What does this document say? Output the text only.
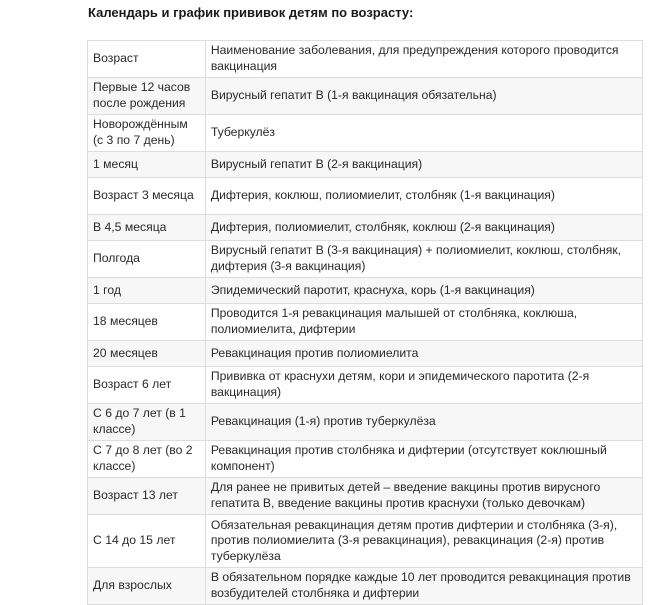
Календарь и график прививок детям по возрасту:
Возраст	Наименование заболевания, для предупреждения которого проводится вакцинация
Первые 12 часов после рождения	Вирусный гепатит В (1-я вакцинация обязательна)
Новорождённым (с 3 по 7 день)	Туберкулёз
1 месяц	Вирусный гепатит В (2-я вакцинация)
Возраст 3 месяца	Дифтерия, коклюш, полиомиелит, столбняк (1-я вакцинация)
В 4,5 месяца	Дифтерия, полиомиелит, столбняк, коклюш (2-я вакцинация)
Полгода	Вирусный гепатит В (3-я вакцинация) + полиомиелит, коклюш, столбняк, дифтерия (3-я вакцинация)
1 год	Эпидемический паротит, краснуха, корь (1-я вакцинация)
18 месяцев	Проводится 1-я ревакцинация малышей от столбняка, коклюша, полиомиелита, дифтерии
20 месяцев	Ревакцинация против полиомиелита
Возраст 6 лет	Прививка от краснухи детям, кори и эпидемического паротита (2-я вакцинация)
С 6 до 7 лет (в 1 классе)	Ревакцинация (1-я) против туберкулёза
С 7 до 8 лет (во 2 классе)	Ревакцинация против столбняка и дифтерии (отсутствует коклюшный компонент)
Возраст 13 лет	Для ранее не привитых детей – введение вакцины против вирусного гепатита В, введение вакцины против краснухи (только девочкам)
С 14 до 15 лет	Обязательная ревакцинация детям против дифтерии и столбняка (3-я), против полиомиелита (3-я ревакцинация), ревакцинация (2-я) против туберкулёза
Для взрослых	В обязательном порядке каждые 10 лет проводится ревакцинация против возбудителей столбняка и дифтерии
